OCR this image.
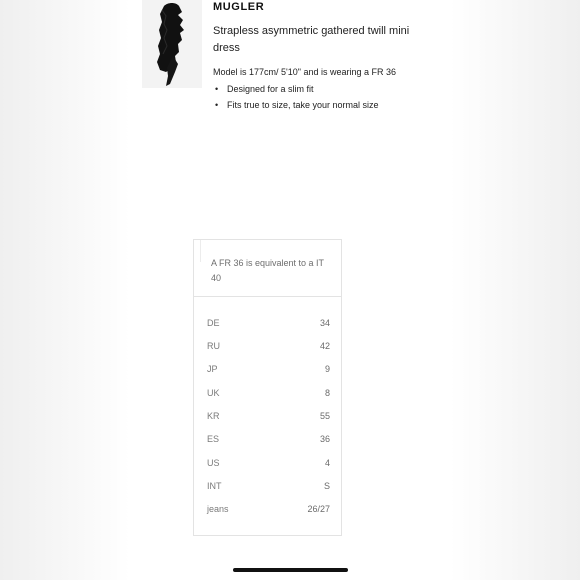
MUGLER
Strapless asymmetric gathered twill mini dress
Model is 177cm/ 5'10" and is wearing a FR 36
• Designed for a slim fit
• Fits true to size, take your normal size
A FR 36 is equivalent to a IT 40
DE	34
RU	42
JP	9
UK	8
KR	55
ES	36
US	4
INT	S
jeans	26/27
